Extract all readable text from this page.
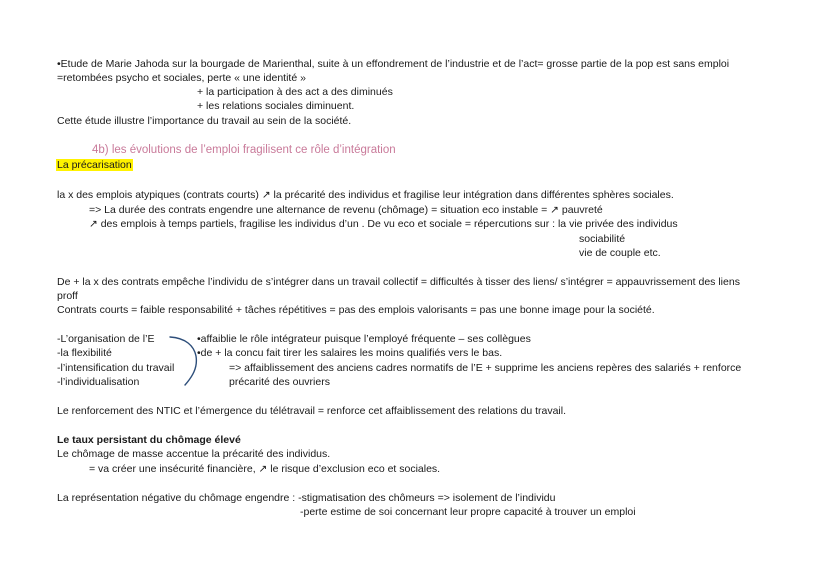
•Etude de Marie Jahoda sur la bourgade de Marienthal, suite à un effondrement de l’industrie et de l’act= grosse partie de la pop est sans emploi
=retombées psycho et sociales, perte « une identité »
+ la participation à des act a des diminués
+ les relations sociales diminuent.
Cette étude illustre l’importance du travail au sein de la société.
4b) les évolutions de l’emploi fragilisent ce rôle d’intégration
La précarisation
la x des emplois atypiques (contrats courts) ↗ la précarité des individus et fragilise leur intégration dans différentes sphères sociales.
=> La durée des contrats engendre une alternance de revenu (chômage) = situation eco instable = ↗ pauvreté
↗ des emplois à temps partiels, fragilise les individus d’un . De vu eco et sociale = répercutions sur : la vie privée des individus
sociabilité
vie de couple etc.
De + la x des contrats empêche l’individu de s’intégrer dans un travail collectif = difficultés à tisser des liens/ s’intégrer = appauvrissement des liens
proff
Contrats courts = faible responsabilité + tâches répétitives = pas des emplois valorisants = pas une bonne image pour la société.
-L’organisation de l’E
-la flexibilité
-l’intensification du travail
-l’individualisation
•affaiblie le rôle intégrateur puisque l’employé fréquente – ses collègues
•de + la concu fait tirer les salaires les moins qualifiés vers le bas.
=> affaiblissement des anciens cadres normatifs de l’E + supprime les anciens repères des salariés + renforce
précarité des ouvriers
Le renforcement des NTIC et l’émergence du télétravail = renforce cet affaiblissement des relations du travail.
Le taux persistant du chômage élevé
Le chômage de masse accentue la précarité des individus.
= va créer une insécurité financière, ↗ le risque d’exclusion eco et sociales.
La représentation négative du chômage engendre : -stigmatisation des chômeurs => isolement de l’individu
-perte estime de soi concernant leur propre capacité à trouver un emploi
